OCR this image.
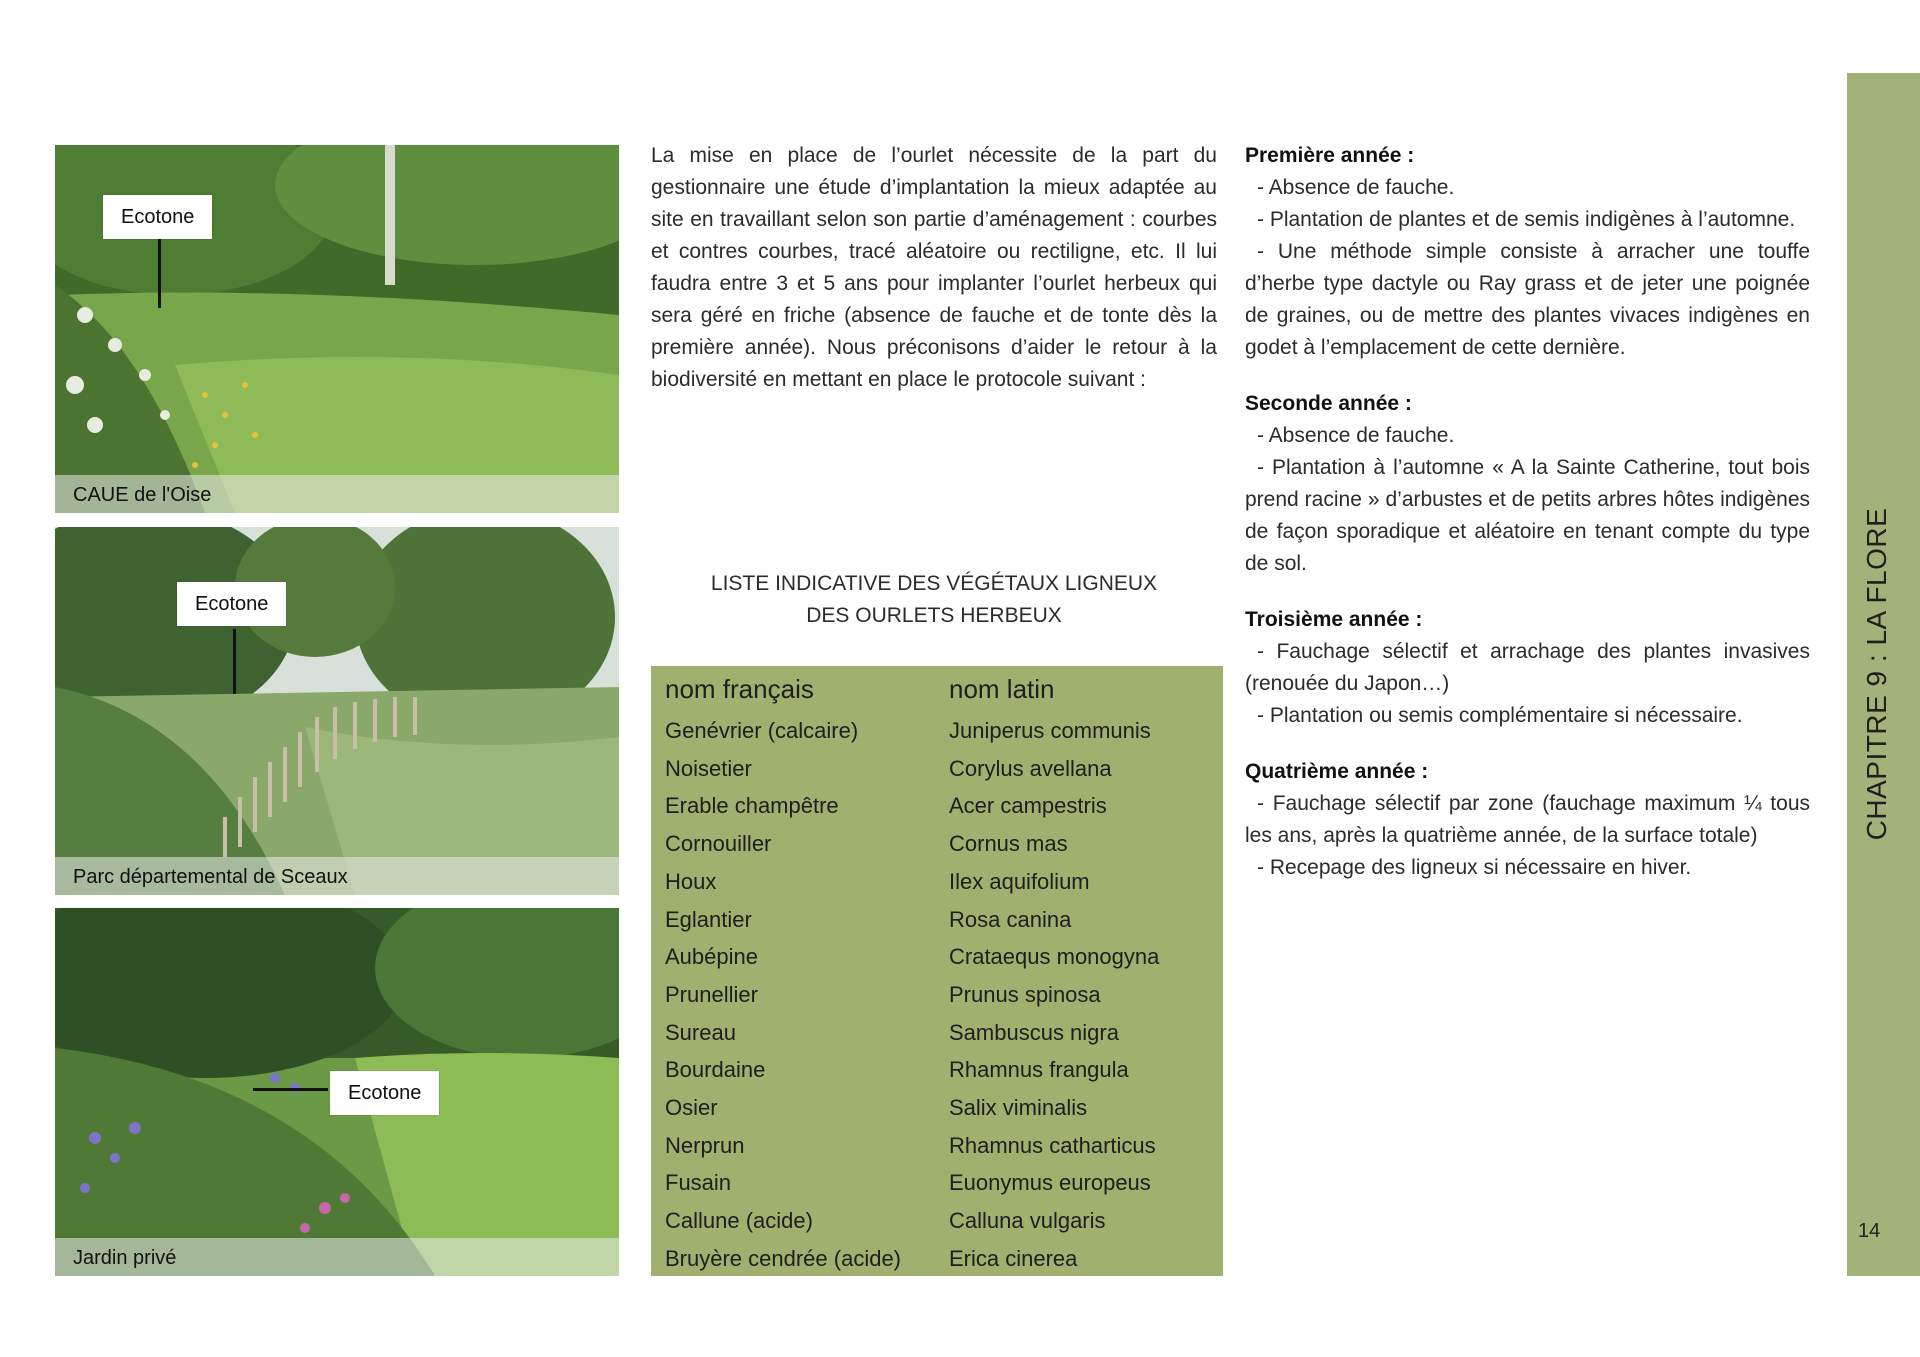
Ecotone
CAUE de l'Oise
Ecotone
Parc départemental de Sceaux
Ecotone
Jardin privé
La mise en place de l’ourlet nécessite de la part du gestionnaire une étude d’implantation la mieux adaptée au site en travaillant selon son partie d’aménagement : courbes et contres courbes, tracé aléatoire ou rectiligne, etc. Il lui faudra entre 3 et 5 ans pour implanter l’ourlet herbeux qui sera géré en friche (absence de fauche et de tonte dès la première année). Nous préconisons d’aider le retour à la biodiversité en mettant en place le protocole suivant :
LISTE INDICATIVE DES VÉGÉTAUX LIGNEUX
DES OURLETS HERBEUX
nom français	nom latin
Genévrier (calcaire)	Juniperus communis
Noisetier	Corylus avellana
Erable champêtre	Acer campestris
Cornouiller	Cornus mas
Houx	Ilex aquifolium
Eglantier	Rosa canina
Aubépine	Crataequs monogyna
Prunellier	Prunus spinosa
Sureau	Sambuscus nigra
Bourdaine	Rhamnus frangula
Osier	Salix viminalis
Nerprun	Rhamnus catharticus
Fusain	Euonymus europeus
Callune (acide)	Calluna vulgaris
Bruyère cendrée (acide) Erica cinerea
Première année :
- Absence de fauche.
- Plantation de plantes et de semis indigènes à l’automne.
- Une méthode simple consiste à arracher une touffe d’herbe type dactyle ou Ray grass et de jeter une poignée de graines, ou de mettre des plantes vivaces indigènes en godet à l’emplacement de cette dernière.
Seconde année :
- Absence de fauche.
- Plantation à l’automne « A la Sainte Catherine, tout bois prend racine » d’arbustes et de petits arbres hôtes indigènes de façon sporadique et aléatoire en tenant compte du type de sol.
Troisième année :
- Fauchage sélectif et arrachage des plantes invasives (renouée du Japon…)
- Plantation ou semis complémentaire si nécessaire.
Quatrième année :
- Fauchage sélectif par zone (fauchage maximum ¼ tous les ans, après la quatrième année, de la surface totale)
- Recepage des ligneux si nécessaire en hiver.
CHAPITRE 9 : LA FLORE
14
